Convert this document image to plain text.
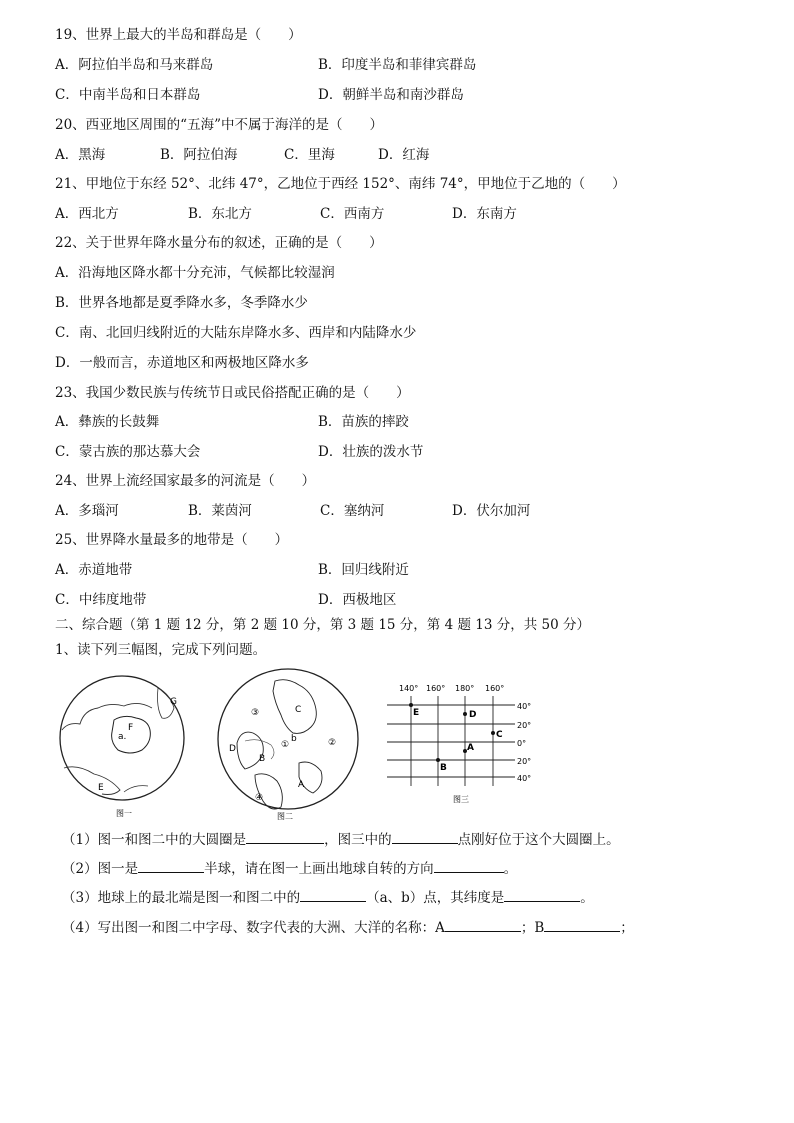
19、世界上最大的半岛和群岛是（　　）
A．阿拉伯半岛和马来群岛	B．印度半岛和菲律宾群岛
C．中南半岛和日本群岛	D．朝鲜半岛和南沙群岛
20、西亚地区周围的“五海”中不属于海洋的是（　　）
A．黑海	B．阿拉伯海	C．里海	D．红海
21、甲地位于东经 52°、北纬 47°，乙地位于西经 152°、南纬 74°，甲地位于乙地的（　　）
A．西北方	B．东北方	C．西南方	D．东南方
22、关于世界年降水量分布的叙述，正确的是（　　）
A．沿海地区降水都十分充沛，气候都比较湿润
B．世界各地都是夏季降水多，冬季降水少
C．南、北回归线附近的大陆东岸降水多、西岸和内陆降水少
D．一般而言，赤道地区和两极地区降水多
23、我国少数民族与传统节日或民俗搭配正确的是（　　）
A．彝族的长鼓舞	B．苗族的摔跤
C．蒙古族的那达慕大会	D．壮族的泼水节
24、世界上流经国家最多的河流是（　　）
A．多瑙河	B．莱茵河	C．塞纳河	D．伏尔加河
25、世界降水量最多的地带是（　　）
A．赤道地带	B．回归线附近
C．中纬度地带	D．西极地区
二、综合题（第 1 题 12 分，第 2 题 10 分，第 3 题 15 分，第 4 题 13 分，共 50 分）
1、读下列三幅图，完成下列问题。
F
a.
G
E
图一
C
③
②
A
D
B
④
①
b
图二
140° 160° 180° 160°
40°
20°
0°
20°
40°
E	D
C
A
B
图三
（1）图一和图二中的大圆圈是	，图三中的	点刚好位于这个大圆圈上。
（2）图一是	半球，请在图一上画出地球自转的方向	。
（3）地球上的最北端是图一和图二中的	（a、b）点，其纬度是	。
（4）写出图一和图二中字母、数字代表的大洲、大洋的名称：A	；B	；
